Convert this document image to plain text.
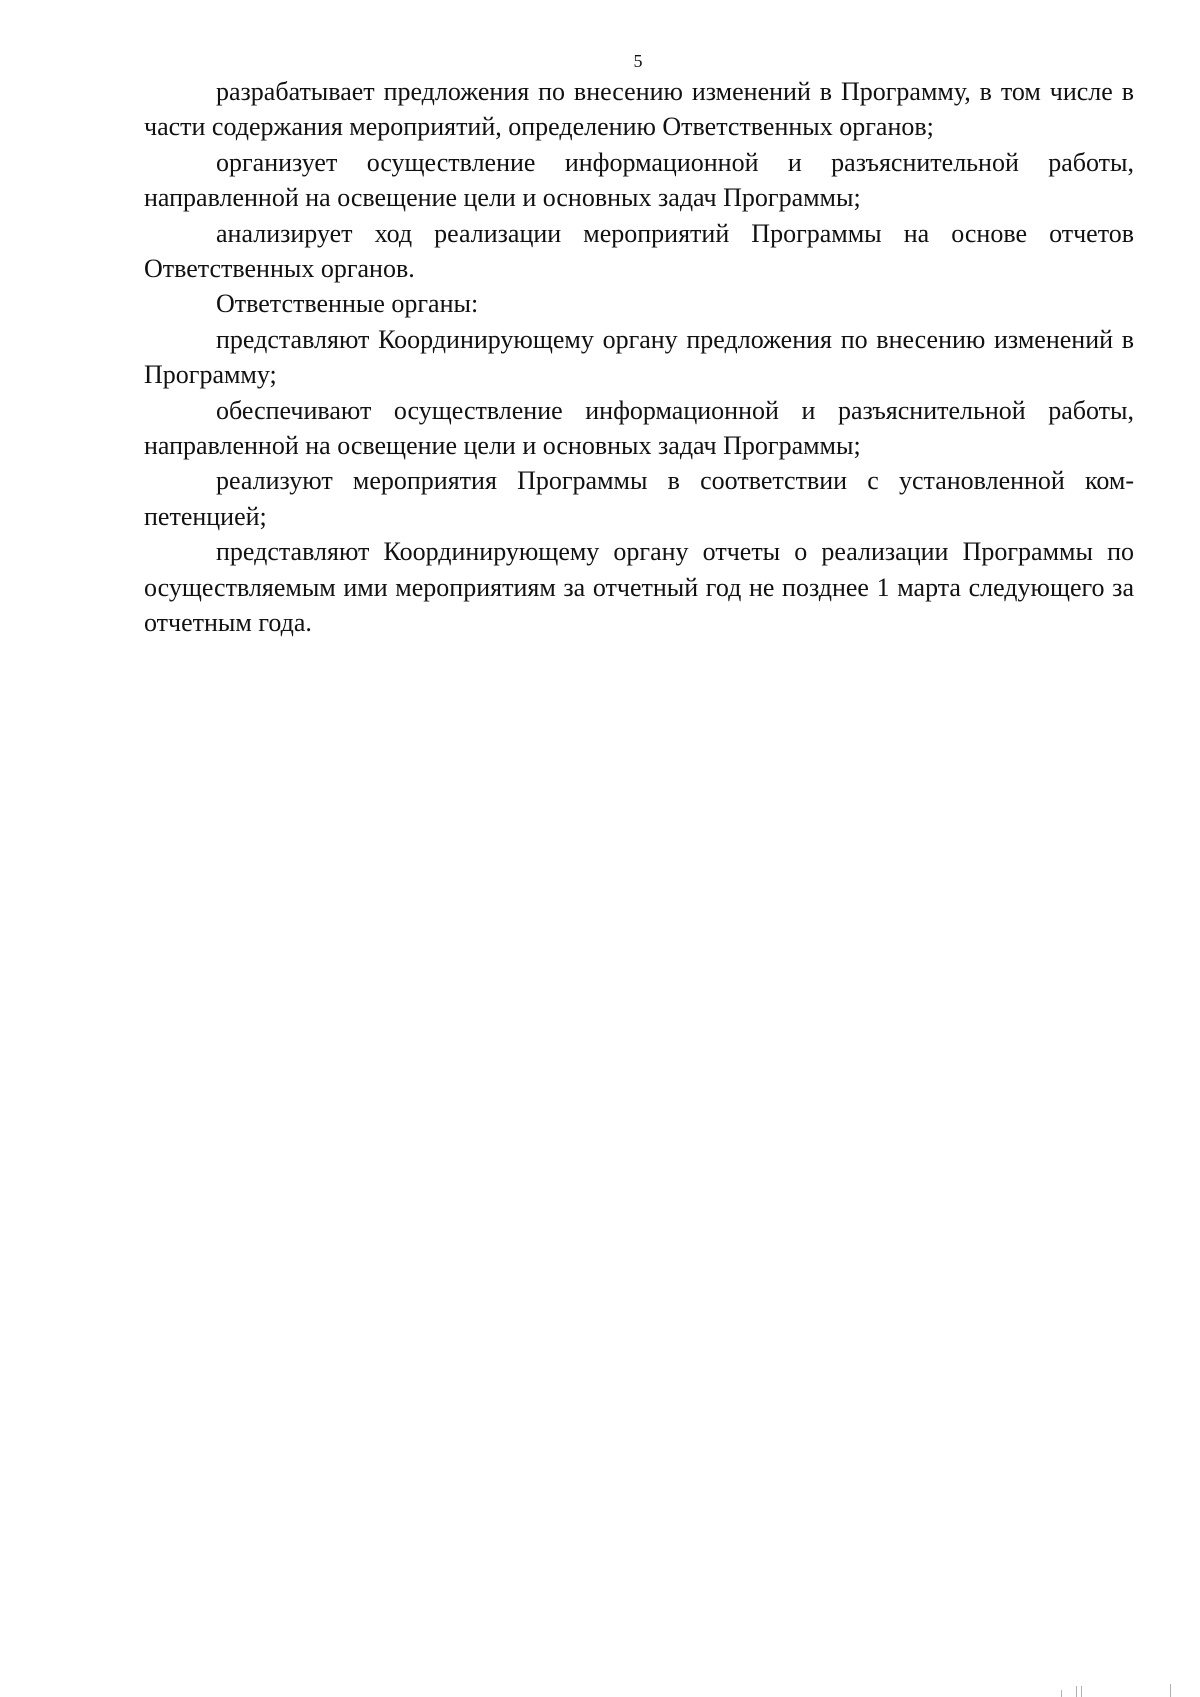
5

разрабатывает предложения по внесению изменений в Программу, в том числе в части содержания мероприятий, определению Ответственных органов;

организует осуществление информационной и разъяснительной работы, направленной на освещение цели и основных задач Программы;

анализирует ход реализации мероприятий Программы на основе отчетов Ответственных органов.

Ответственные органы:

представляют Координирующему органу предложения по внесению изменений в Программу;

обеспечивают осуществление информационной и разъяснительной работы, направленной на освещение цели и основных задач Программы;

реализуют мероприятия Программы в соответствии с установленной компетенцией;

представляют Координирующему органу отчеты о реализации Программы по осуществляемым ими мероприятиям за отчетный год не позднее 1 марта следующего за отчетным года.
